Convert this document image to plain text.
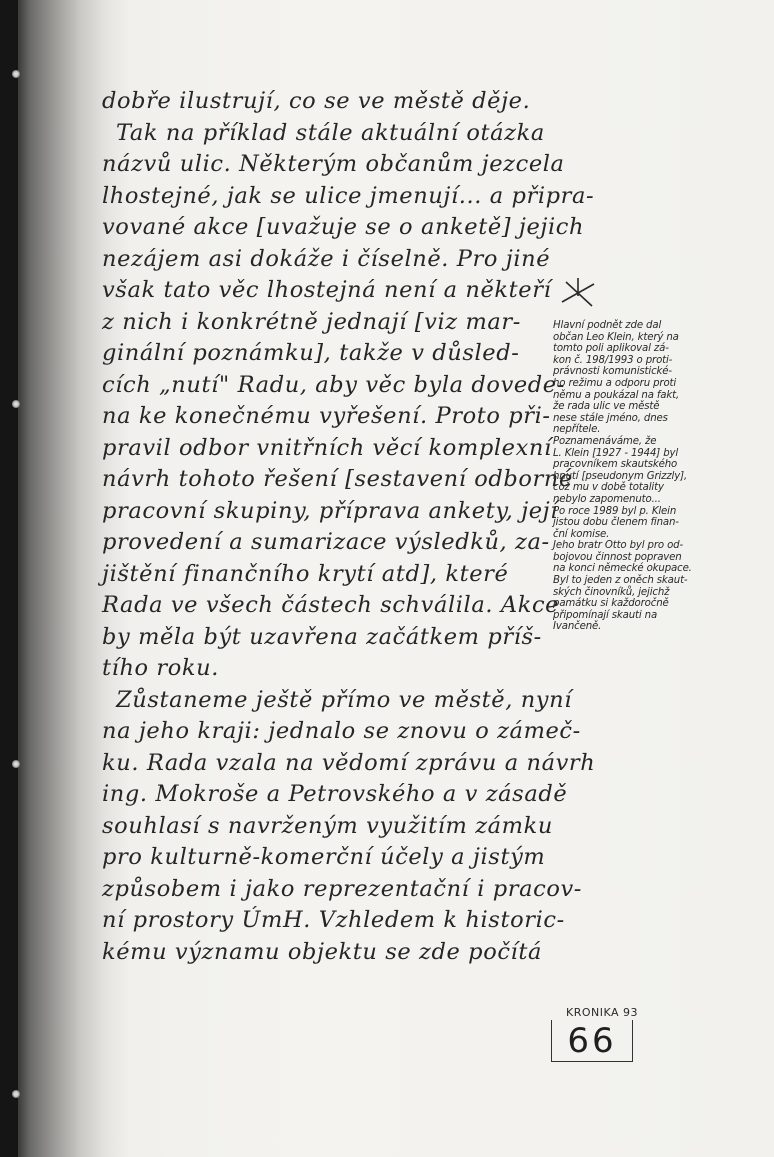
dobře ilustrují, co se ve městě děje.
Tak na příklad stále aktuální otázka
názvů ulic. Některým občanům jezcela
lhostejné, jak se ulice jmenují... a připra-
vované akce [uvažuje se o anketě] jejich
nezájem asi dokáže i číselně. Pro jiné
však tato věc lhostejná není a někteří
z nich i konkrétně jednají [viz mar-
ginální poznámku], takže v důsled-
cích „nutí" Radu, aby věc byla dovede-
na ke konečnému vyřešení. Proto při-
pravil odbor vnitřních věcí komplexní
návrh tohoto řešení [sestavení odborné
pracovní skupiny, příprava ankety, její
provedení a sumarizace výsledků, za-
jištění finančního krytí atd], které
Rada ve všech částech schválila. Akce
by měla být uzavřena začátkem příš-
tího roku.
Zůstaneme ještě přímo ve městě, nyní
na jeho kraji: jednalo se znovu o zámeč-
ku. Rada vzala na vědomí zprávu a návrh
ing. Mokroše a Petrovského a v zásadě
souhlasí s navrženým využitím zámku
pro kulturně-komerční účely a jistým
způsobem i jako reprezentační i pracov-
ní prostory ÚmH. Vzhledem k historic-
kému významu objektu se zde počítá
Hlavní podnět zde dal
občan Leo Klein, který na
tomto poli aplikoval zá-
kon č. 198/1993 o proti-
právnosti komunistické-
ho režimu a odporu proti
němu a poukázal na fakt,
že rada ulic ve městě
nese stále jméno, dnes
nepřítele.
Poznamenáváme, že
L. Klein [1927 - 1944] byl
pracovníkem skautského
hnutí [pseudonym Grizzly],
což mu v době totality
nebylo zapomenuto...
Po roce 1989 byl p. Klein
jistou dobu členem finan-
ční komise.
Jeho bratr Otto byl pro od-
bojovou činnost popraven
na konci německé okupace.
Byl to jeden z oněch skaut-
ských činovníků, jejichž
památku si každoročně
připomínají skauti na
Ivančeně.
KRONIKA 93
66
